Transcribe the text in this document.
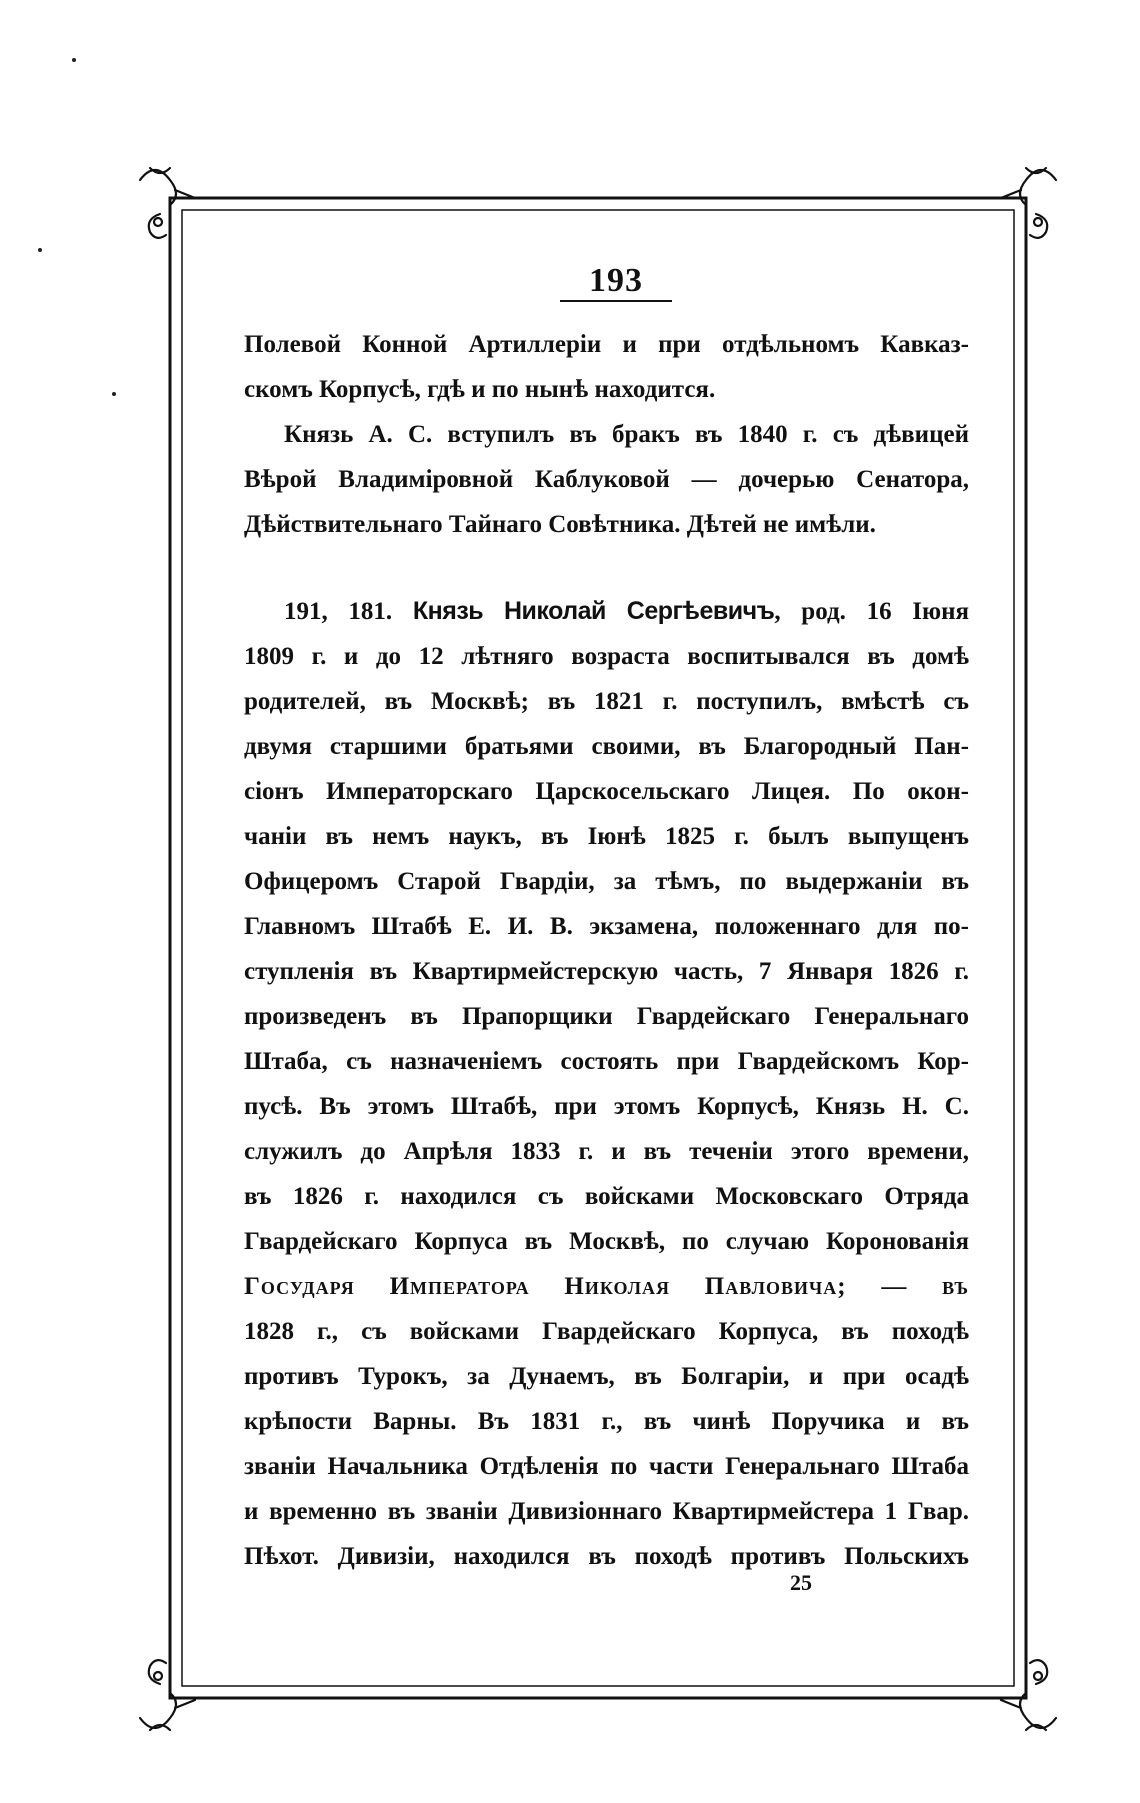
193
Полевой Конной Артиллеріи и при отдѣльномъ Кавказ-
скомъ Корпусѣ, гдѣ и по нынѣ находится.
Князь А. С. вступилъ въ бракъ въ 1840 г. съ дѣвицей
Вѣрой Владиміровной Каблуковой — дочерью Сенатора,
Дѣйствительнаго Тайнаго Совѣтника. Дѣтей не имѣли.
191, 181. Князь Николай Сергѣевичъ, род. 16 Іюня
1809 г. и до 12 лѣтняго возраста воспитывался въ домѣ
родителей, въ Москвѣ; въ 1821 г. поступилъ, вмѣстѣ съ
двумя старшими братьями своими, въ Благородный Пан-
сіонъ Императорскаго Царскосельскаго Лицея. По окон-
чаніи въ немъ наукъ, въ Іюнѣ 1825 г. былъ выпущенъ
Офицеромъ Старой Гвардіи, за тѣмъ, по выдержаніи въ
Главномъ Штабѣ Е. И. В. экзамена, положеннаго для по-
ступленія въ Квартирмейстерскую часть, 7 Января 1826 г.
произведенъ въ Прапорщики Гвардейскаго Генеральнаго
Штаба, съ назначеніемъ состоять при Гвардейскомъ Кор-
пусѣ. Въ этомъ Штабѣ, при этомъ Корпусѣ, Князь Н. С.
служилъ до Апрѣля 1833 г. и въ теченіи этого времени,
въ 1826 г. находился съ войсками Московскаго Отряда
Гвардейскаго Корпуса въ Москвѣ, по случаю Коронованія
Государя Императора Николая Павловича; — въ
1828 г., съ войсками Гвардейскаго Корпуса, въ походѣ
противъ Турокъ, за Дунаемъ, въ Болгаріи, и при осадѣ
крѣпости Варны. Въ 1831 г., въ чинѣ Поручика и въ
званіи Начальника Отдѣленія по части Генеральнаго Штаба
и временно въ званіи Дивизіоннаго Квартирмейстера 1 Гвар.
Пѣхот. Дивизіи, находился въ походѣ противъ Польскихъ
25
